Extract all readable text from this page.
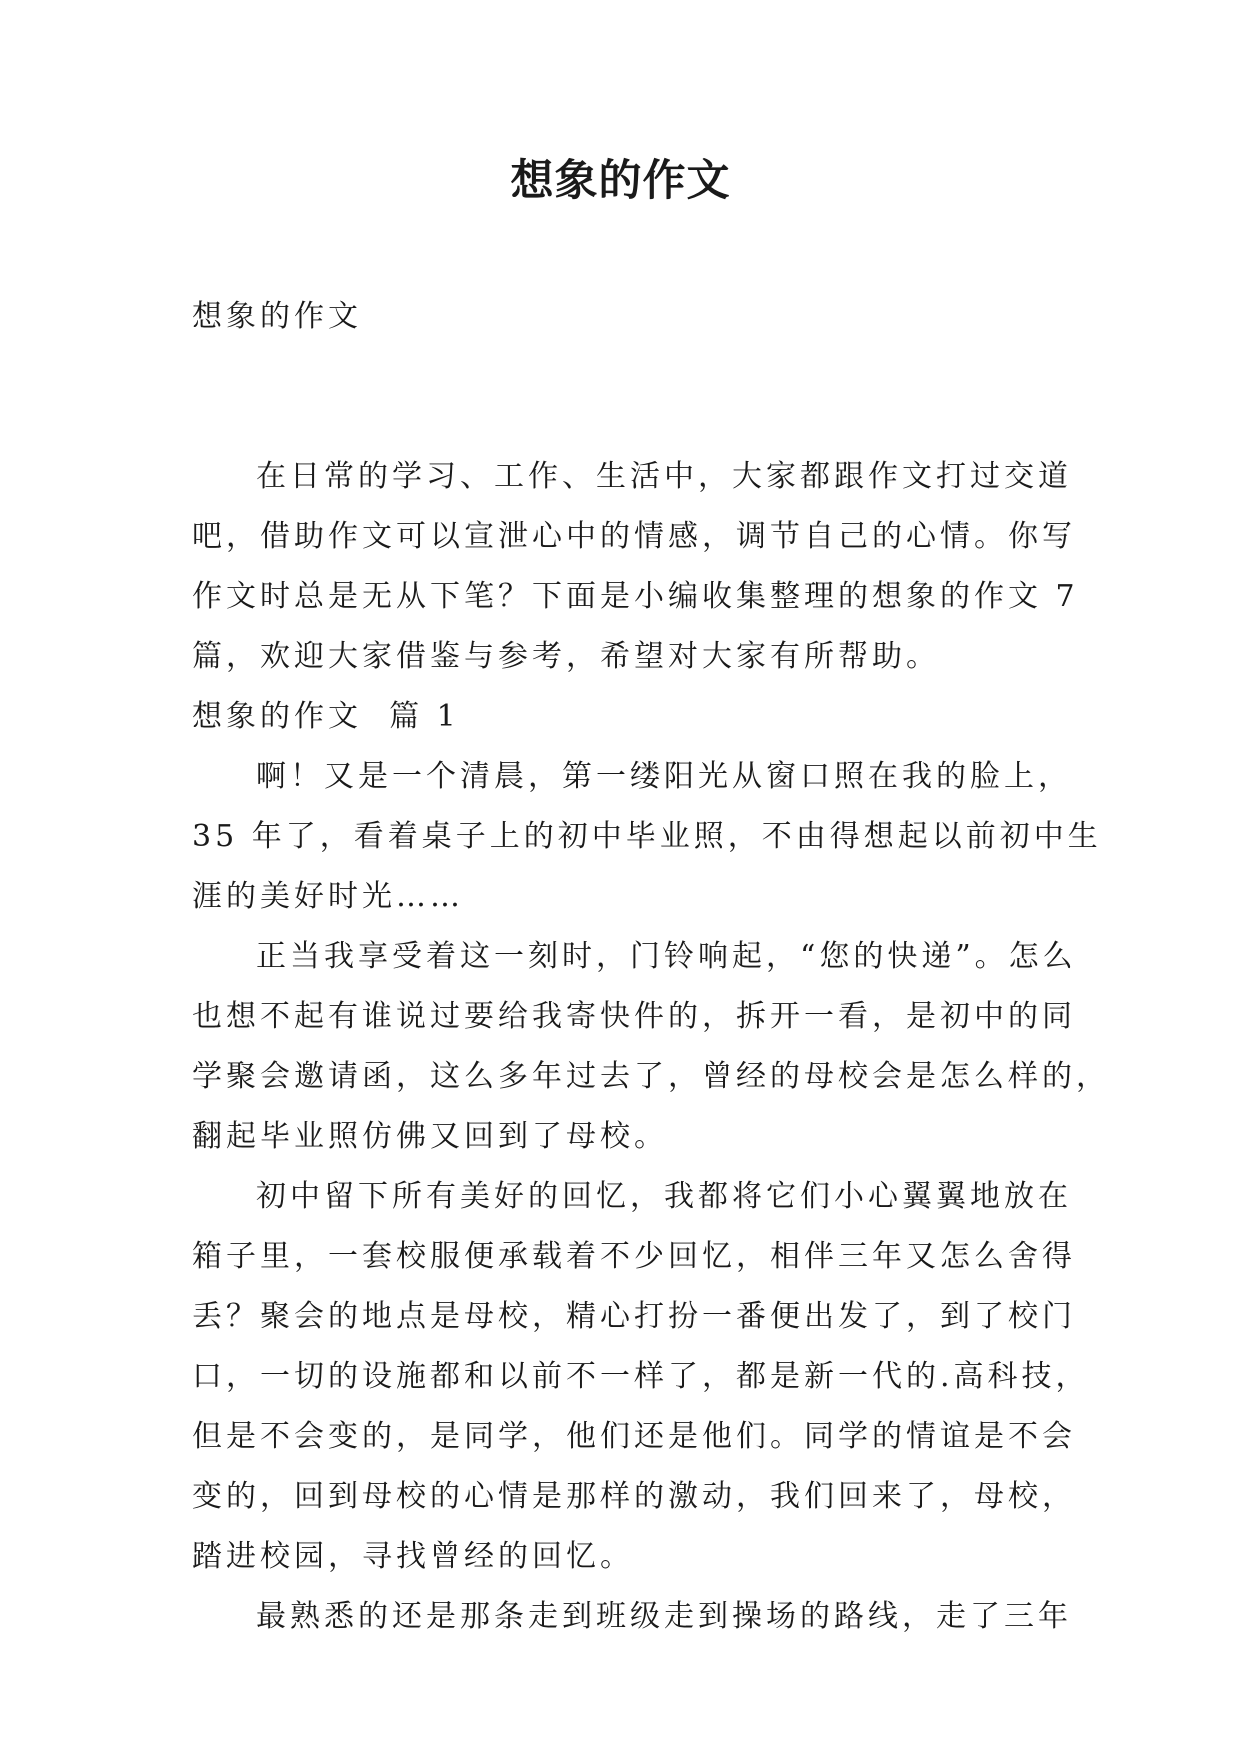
想象的作文
想象的作文
在日常的学习、工作、生活中，大家都跟作文打过交道
吧，借助作文可以宣泄心中的情感，调节自己的心情。你写
作文时总是无从下笔？下面是小编收集整理的想象的作文 7
篇，欢迎大家借鉴与参考，希望对大家有所帮助。
想象的作文  篇 1
啊！又是一个清晨，第一缕阳光从窗口照在我的脸上，
35 年了，看着桌子上的初中毕业照，不由得想起以前初中生
涯的美好时光……
正当我享受着这一刻时，门铃响起，“您的快递”。怎么
也想不起有谁说过要给我寄快件的，拆开一看，是初中的同
学聚会邀请函，这么多年过去了，曾经的母校会是怎么样的，
翻起毕业照仿佛又回到了母校。
初中留下所有美好的回忆，我都将它们小心翼翼地放在
箱子里，一套校服便承载着不少回忆，相伴三年又怎么舍得
丢？聚会的地点是母校，精心打扮一番便出发了，到了校门
口，一切的设施都和以前不一样了，都是新一代的.高科技，
但是不会变的，是同学，他们还是他们。同学的情谊是不会
变的，回到母校的心情是那样的激动，我们回来了，母校，
踏进校园，寻找曾经的回忆。
最熟悉的还是那条走到班级走到操场的路线，走了三年
